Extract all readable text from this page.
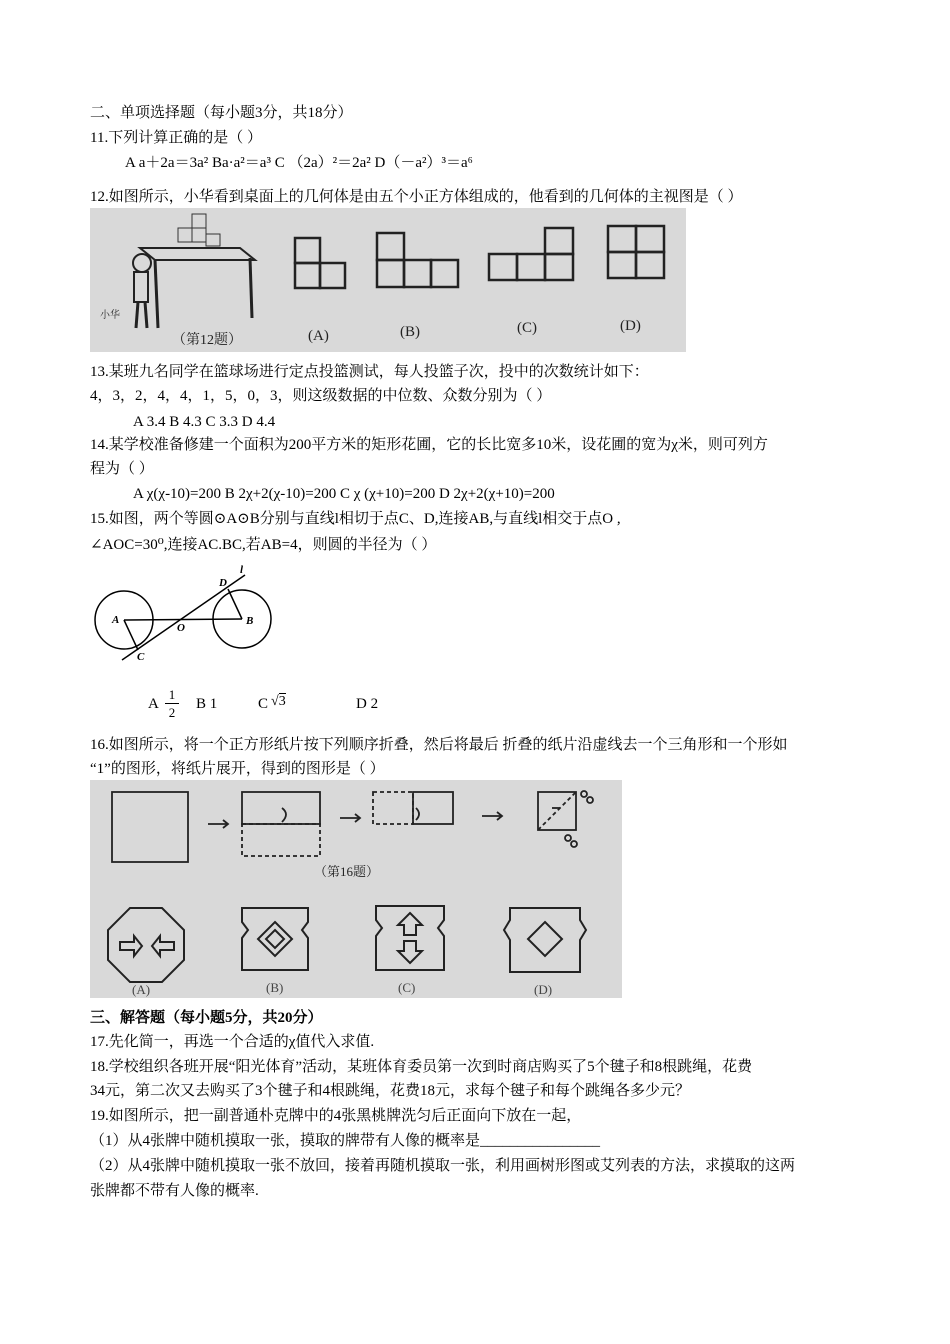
二、单项选择题（每小题3分，共18分）
11.下列计算正确的是（ ）
A a＋2a＝3a² Ba·a²＝a³ C （2a）²＝2a² D（－a²）³＝a⁶
12.如图所示，小华看到桌面上的几何体是由五个小正方体组成的，他看到的几何体的主视图是（ ）
小华
（第12题）	(A)	(B)	(C)	(D)
13.某班九名同学在篮球场进行定点投篮测试，每人投篮子次，投中的次数统计如下：
4，3，2，4，4，1，5，0，3，则这级数据的中位数、众数分别为（ ）
A 3.4 B 4.3 C 3.3 D 4.4
14.某学校准备修建一个面积为200平方米的矩形花圃，它的长比宽多10米，设花圃的宽为χ米，则可列方
程为（ ）
A χ(χ-10)=200 B 2χ+2(χ-10)=200 C χ (χ+10)=200 D 2χ+2(χ+10)=200
15.如图，两个等圆⊙A⊙B分别与直线l相切于点C、D,连接AB,与直线l相交于点O ,
∠AOC=30⁰,连接AC.BC,若AB=4，则圆的半径为（ ）
A	B
C
D
O
l
A $\frac{1}{2}$ B 1	C √3	D 2
16.如图所示，将一个正方形纸片按下列顺序折叠，然后将最后 折叠的纸片沿虚线去一个三角形和一个形如
“1”的图形，将纸片展开，得到的图形是（ ）
（第16题）
(A)	(B)	(C)	(D)
三、解答题（每小题5分，共20分）
17.先化简一，再选一个合适的χ值代入求值.
18.学校组织各班开展“阳光体育”活动，某班体育委员第一次到时商店购买了5个毽子和8根跳绳，花费
34元，第二次又去购买了3个毽子和4根跳绳，花费18元，求每个毽子和每个跳绳各多少元？
19.如图所示，把一副普通朴克牌中的4张黑桃牌洗匀后正面向下放在一起，
（1）从4张牌中随机摸取一张，摸取的牌带有人像的概率是________________
（2）从4张牌中随机摸取一张不放回，接着再随机摸取一张，利用画树形图或艾列表的方法，求摸取的这两
张牌都不带有人像的概率.
